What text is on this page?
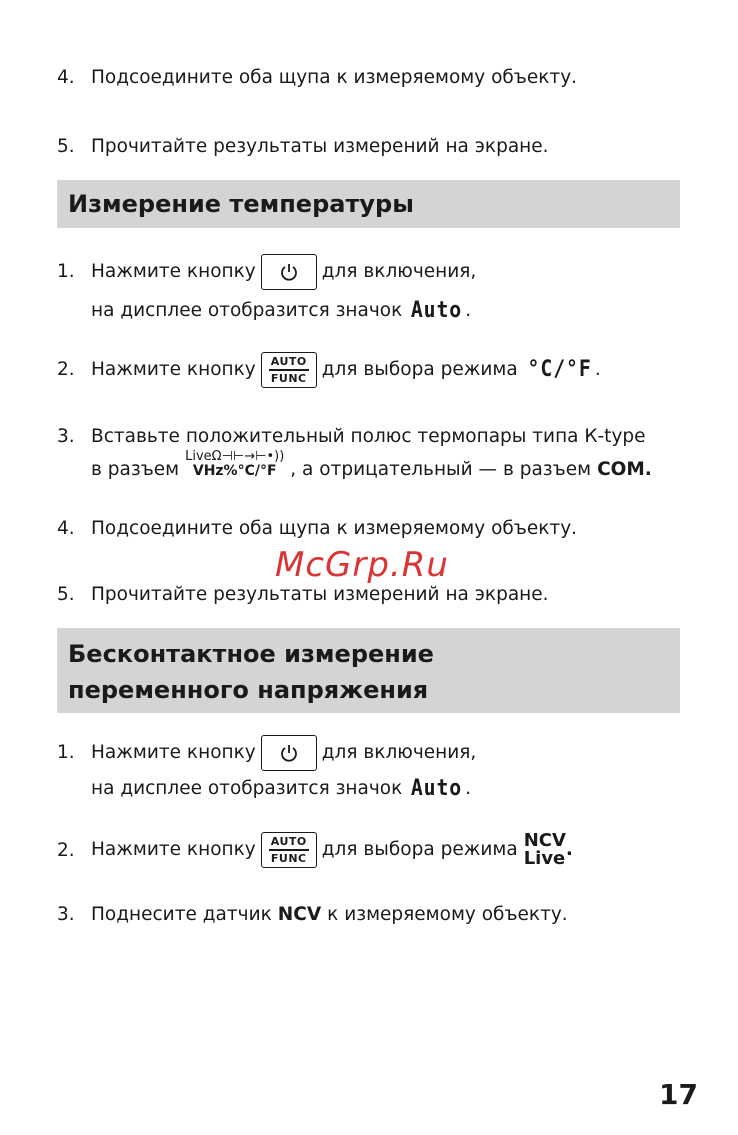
4. Подсоедините оба щупа к измеряемому объекту.
5. Прочитайте результаты измерений на экране.
Измерение температуры
1. Нажмите кнопку	для включения,
на дисплее отобразится значок Auto .
2. Нажмите кнопку AUTO
FUNC для выбора режима °C/°F .
3. Вставьте положительный полюс термопары типа К-type
в разъем
LiveΩ⊣⊢→⊢•))
VHz%°C/°F , а отрицательный — в разъем COM .
4. Подсоедините оба щупа к измеряемому объекту.
5. Прочитайте результаты измерений на экране.
McGrp.Ru
Бесконтактное измерение
переменного напряжения
1. Нажмите кнопку	для включения,
на дисплее отобразится значок Auto .
2. Нажмите кнопку AUTO
FUNC для выбора режима NCV
Live .
3. Поднесите датчик NCV к измеряемому объекту.
17
